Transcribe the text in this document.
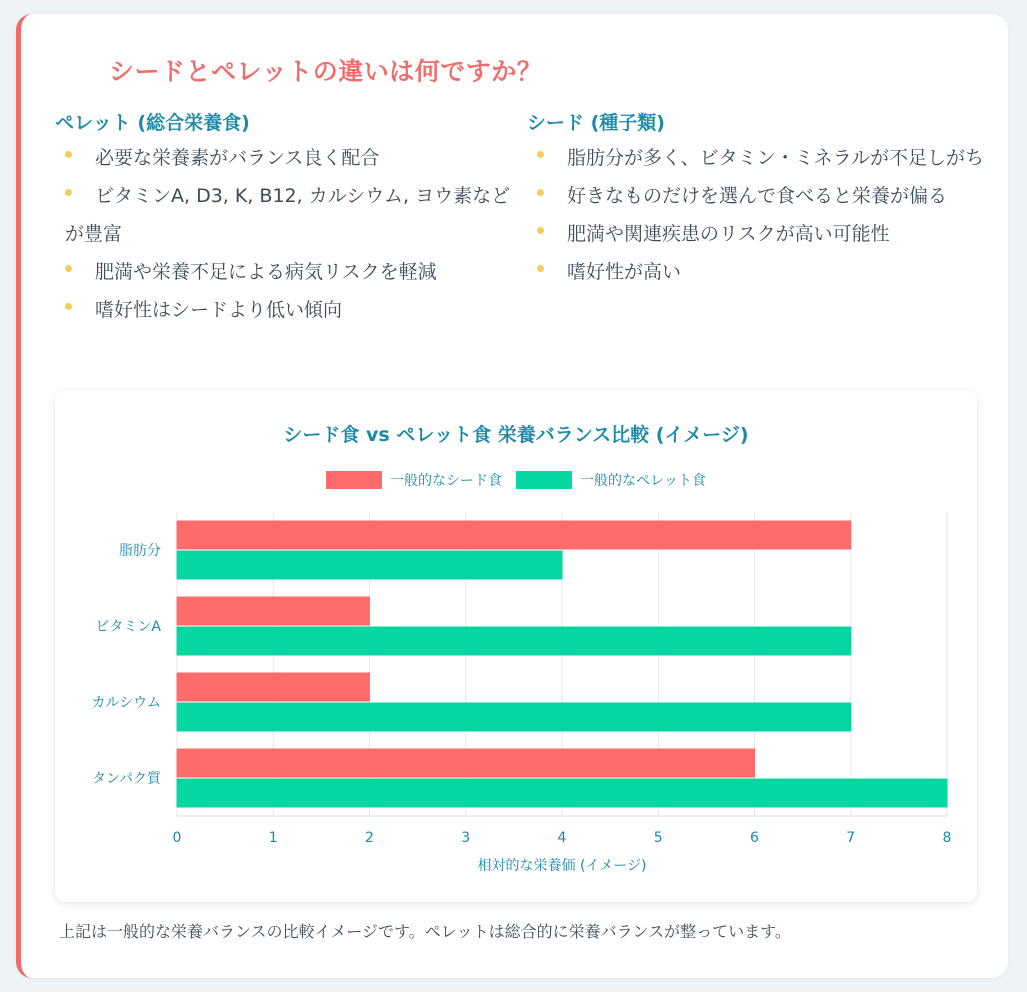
シードとペレットの違いは何ですか？
ペレット (総合栄養食)
必要な栄養素がバランス良く配合
ビタミンA, D3, K, B12, カルシウム, ヨウ素などが豊富
肥満や栄養不足による病気リスクを軽減
嗜好性はシードより低い傾向
シード (種子類)
脂肪分が多く、ビタミン・ミネラルが不足しがち
好きなものだけを選んで食べると栄養が偏る
肥満や関連疾患のリスクが高い可能性
嗜好性が高い
シード食 vs ペレット食 栄養バランス比較 (イメージ)
一般的なシード食	一般的なペレット食
0	1	2	3	4	5	6	7	8
脂肪分
ビタミンA
カルシウム
タンパク質
相対的な栄養価 (イメージ)

上記は一般的な栄養バランスの比較イメージです。ペレットは総合的に栄養バランスが整っています。
